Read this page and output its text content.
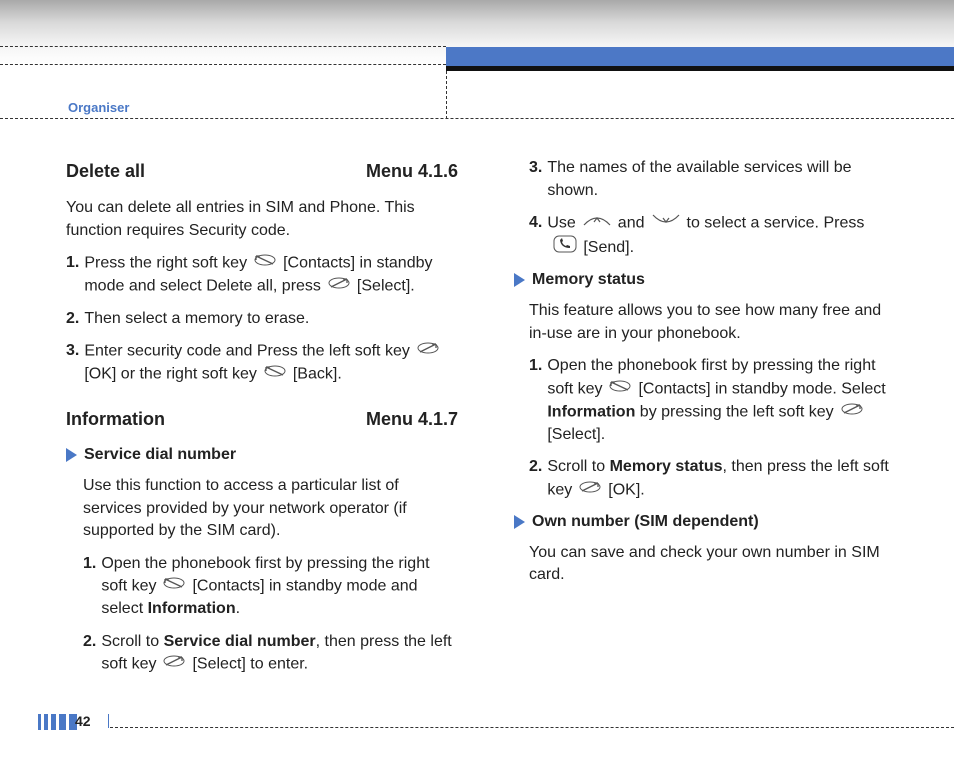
Organiser
Delete all	Menu 4.1.6

You can delete all entries in SIM and Phone. This function requires Security code.

1. Press the right soft key [Contacts] in standby mode and select Delete all, press [Select].
2. Then select a memory to erase.
3. Enter security code and Press the left soft key[OK] or the right soft key [Back].
Information	Menu 4.1.7
Service dial number

Use this function to access a particular list of services provided by your network operator (if supported by the SIM card).

1. Open the phonebook first by pressing the right soft key [Contacts] in standby mode and select Information.
2. Scroll to Service dial number, then press the left soft key [Select] to enter.
3. The names of the available services will be shown.
4. Use	and	to select a service. Press
[Send].
Memory status

This feature allows you to see how many free and in-use are in your phonebook.

1. Open the phonebook first by pressing the right soft key [Contacts] in standby mode. Select Information by pressing the left soft key[Select].
2. Scroll to Memory status, then press the left soft key [OK].
Own number (SIM dependent)

You can save and check your own number in SIM card.

42
